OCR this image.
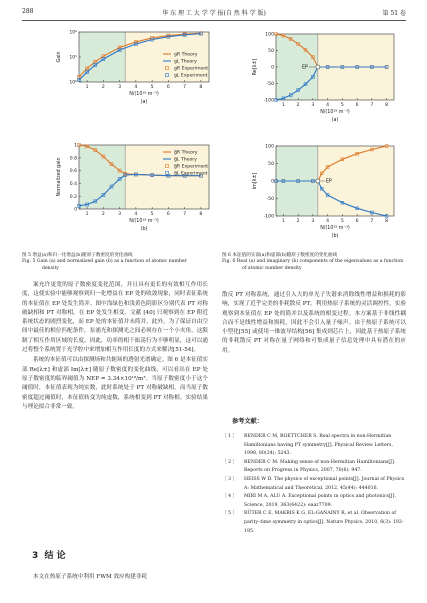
288	华 东 理 工 大 学 学 报(自 然 科 学 版)	第 51 卷
1	2	3	4	5	6	7	8
10⁰
10¹
10²
N/(10¹⁸ m⁻³)
Gain
(a)
gR Theory
gL Theory
gR Experiment
gL Experiment
1	2	3	4	5	6	7	8
0
0.2
0.4
0.6
0.8
1
N/(10¹⁸ m⁻³)
Normalized gain
(b)
g̅R Theory
g̅L Theory
g̅R Experiment
g̅L Experiment
1	2	3	4	5	6	7	8
-100
-50
0
50
100
N/(10¹⁸ m⁻³)
Re[λ±]
(a)
EP
1	2	3	4	5	6	7	8
-100
-50
0
50
100
N/(10¹⁸ m⁻³)
Im[λ±]
(b)
EP
图 5 增益(a)和归一化增益(b)随原子数密度的变化曲线
Fig. 5 Gain (a) and normalized gain (b) as a function of atomic number density
图 6 本征值的实部(a)和虚部(b)随原子数密度的变化曲线
Fig. 6 Real (a) and imaginary (b) components of the eigenvalues as a function of atomic number density

案允许更宽的原子数密度变化范围，并且具有更长的有效相互作用长度，这使实验中能够观察到归一化增益在 EP 处的收敛现象，同时表征系统的本征值在 EP 处发生简并。图中浅绿色和浅黄色阴影区分别代表 PT 对称破缺相和 PT 对称相，在 EP 处发生相变。文献 [40] 只观察到在 EP 附近系统状态的剧烈变化，而 EP 处的本征值并未简并。此外，为了保证自由空间中最佳的相位匹配条件，泵浦光和探测光之间必须存在一个小夹角，这限制了相互作用区域的长度。因此，功率的相干振荡行为不够明显，这可以通过将整个系统置于光学腔中来增加相互作用长度的方式来解决[51-54]。

系统的本征值可以由探测场和共轭场的透射光谱确定。图 6 是本征值实部 Re[λ±] 和虚部 Im[λ±] 随原子数密度的变化曲线，可以看出在 EP 处原子数密度的临界阈值为 NEP = 3.34×10¹⁸/m³。当原子数密度小于这个阈值时，本征值表现为纯实数，此时系统处于 PT 对称破缺相，而当原子数密度超过阈值时，本征值转变为纯虚数，系统相变到 PT 对称相。实验结果与理论拟合非常一致。

3 结 论

本文在热原子系统中利用 FWM 效应构建非耗

散反 PT 对称系统，通过引入大的单光子失谐来消除线性增益和损耗的影响，实现了近乎完美的非耗散反 PT。利用热原子系统的灵活调控性，实验观察到本征值在 EP 处的简并以及系统的相变过程。本方案基于非线性耦合而不是线性增益和损耗，因此不会引入量子噪声。由于热原子系统可以小型化[55] 或使用一维波导结构[56] 集成到芯片上，因此基于热原子系统的非耗散反 PT 对称在量子网络和可集成量子信息处理中具有潜在的应用。

参考文献：
［ 1 ］	BENDER C M, BOETTCHER S. Real spectra in non-Hermitian Hamiltonians having PT symmetry[J]. Physical Review Letters, 1998, 80(24): 5243.
［ 2 ］	BENDER C M. Making sense of non-Hermitian Hamiltonians[J]. Reports on Progress in Physics, 2007, 70(6): 947.
［ 3 ］	HEISS W D. The physics of exceptional points[J]. Journal of Physics A: Mathematical and Theoretical, 2012, 45(44): 444016.
［ 4 ］	MIRI M A, ALU A. Exceptional points in optics and photonics[J]. Science, 2019, 363(6422): eaar7709.
［ 5 ］	RÜTER C E, MAKRIS K G, EL-GANAINY R, et al. Observation of parity–time symmetry in optics[J]. Nature Physics, 2010, 6(3): 192-195.
